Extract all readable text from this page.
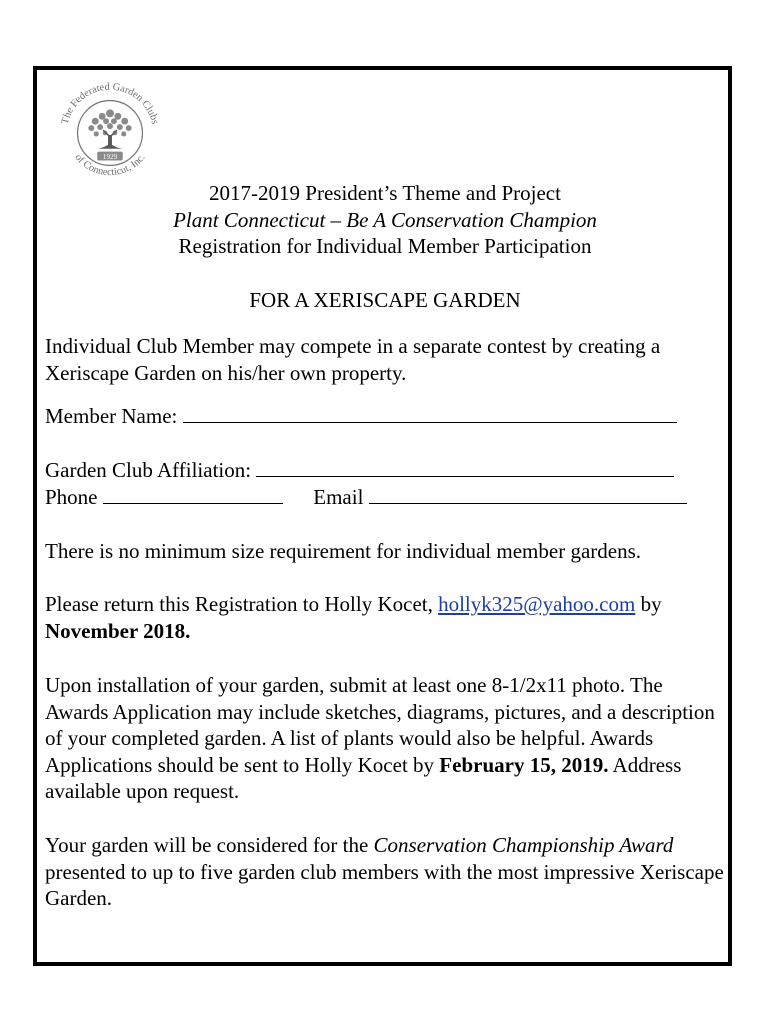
The Federated Garden Clubs
of Connecticut, Inc.
1929
2017-2019 President’s Theme and Project
Plant Connecticut – Be A Conservation Champion
Registration for Individual Member Participation
FOR A XERISCAPE GARDEN
Individual Club Member may compete in a separate contest by creating a Xeriscape Garden on his/her own property.
Member Name:
Garden Club Affiliation:
Phone	Email
There is no minimum size requirement for individual member gardens.
Please return this Registration to Holly Kocet, hollyk325@yahoo.com by November 2018.
Upon installation of your garden, submit at least one 8-1/2x11 photo. The Awards Application may include sketches, diagrams, pictures, and a description of your completed garden. A list of plants would also be helpful. Awards Applications should be sent to Holly Kocet by February 15, 2019. Address available upon request.
Your garden will be considered for the Conservation Championship Award presented to up to five garden club members with the most impressive Xeriscape Garden.
